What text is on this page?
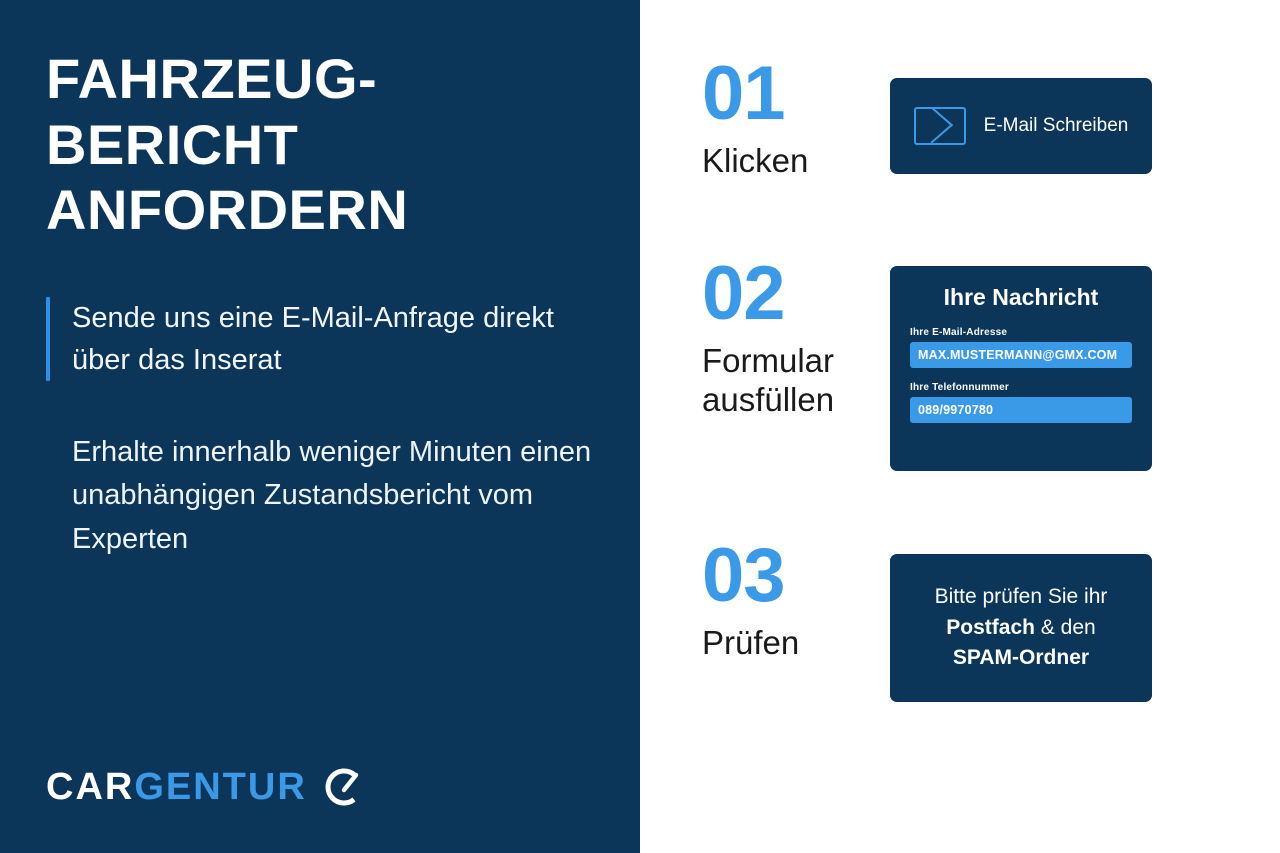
FAHRZEUG-
BERICHT
ANFORDERN
Sende uns eine E-Mail-Anfrage direkt über das Inserat
Erhalte innerhalb weniger Minuten einen unabhängigen Zustandsbericht vom Experten
CARGENTUR
01
Klicken
E-Mail Schreiben
02
Formular ausfüllen
Ihre Nachricht
Ihre E-Mail-Adresse
MAX.MUSTERMANN@GMX.COM
Ihre Telefonnummer
089/9970780
03
Prüfen
Bitte prüfen Sie ihr
Postfach & den
SPAM-Ordner
